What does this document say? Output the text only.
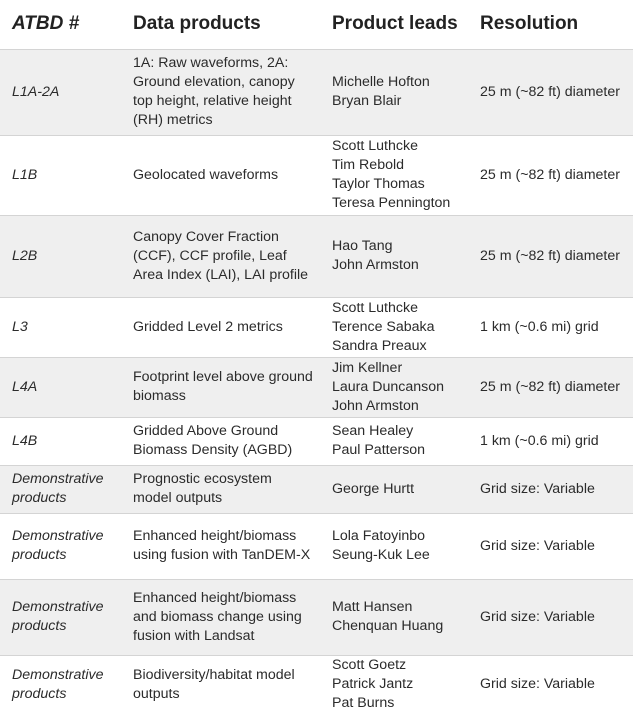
ATBD #	Data products	Product leads	Resolution

L1A-2A	1A: Raw waveforms, 2A:
Ground elevation, canopy
top height, relative height
(RH) metrics	Michelle Hofton
Bryan Blair	25 m (~82 ft) diameter

L1B	Geolocated waveforms	Scott Luthcke
Tim Rebold
Taylor Thomas
Teresa Pennington	25 m (~82 ft) diameter

L2B	Canopy Cover Fraction
(CCF), CCF profile, Leaf
Area Index (LAI), LAI profile	Hao Tang
John Armston	25 m (~82 ft) diameter

L3	Gridded Level 2 metrics	Scott Luthcke
Terence Sabaka
Sandra Preaux	1 km (~0.6 mi) grid

L4A	Footprint level above ground
biomass	Jim Kellner
Laura Duncanson
John Armston	25 m (~82 ft) diameter

L4B	Gridded Above Ground
Biomass Density (AGBD)	Sean Healey
Paul Patterson	1 km (~0.6 mi) grid

Demonstrative
products	Prognostic ecosystem
model outputs	George Hurtt	Grid size: Variable

Demonstrative
products	Enhanced height/biomass
using fusion with TanDEM-X	Lola Fatoyinbo
Seung-Kuk Lee	Grid size: Variable

Demonstrative
products	Enhanced height/biomass
and biomass change using
fusion with Landsat	Matt Hansen
Chenquan Huang	Grid size: Variable

Demonstrative
products	Biodiversity/habitat model
outputs	Scott Goetz
Patrick Jantz
Pat Burns	Grid size: Variable
